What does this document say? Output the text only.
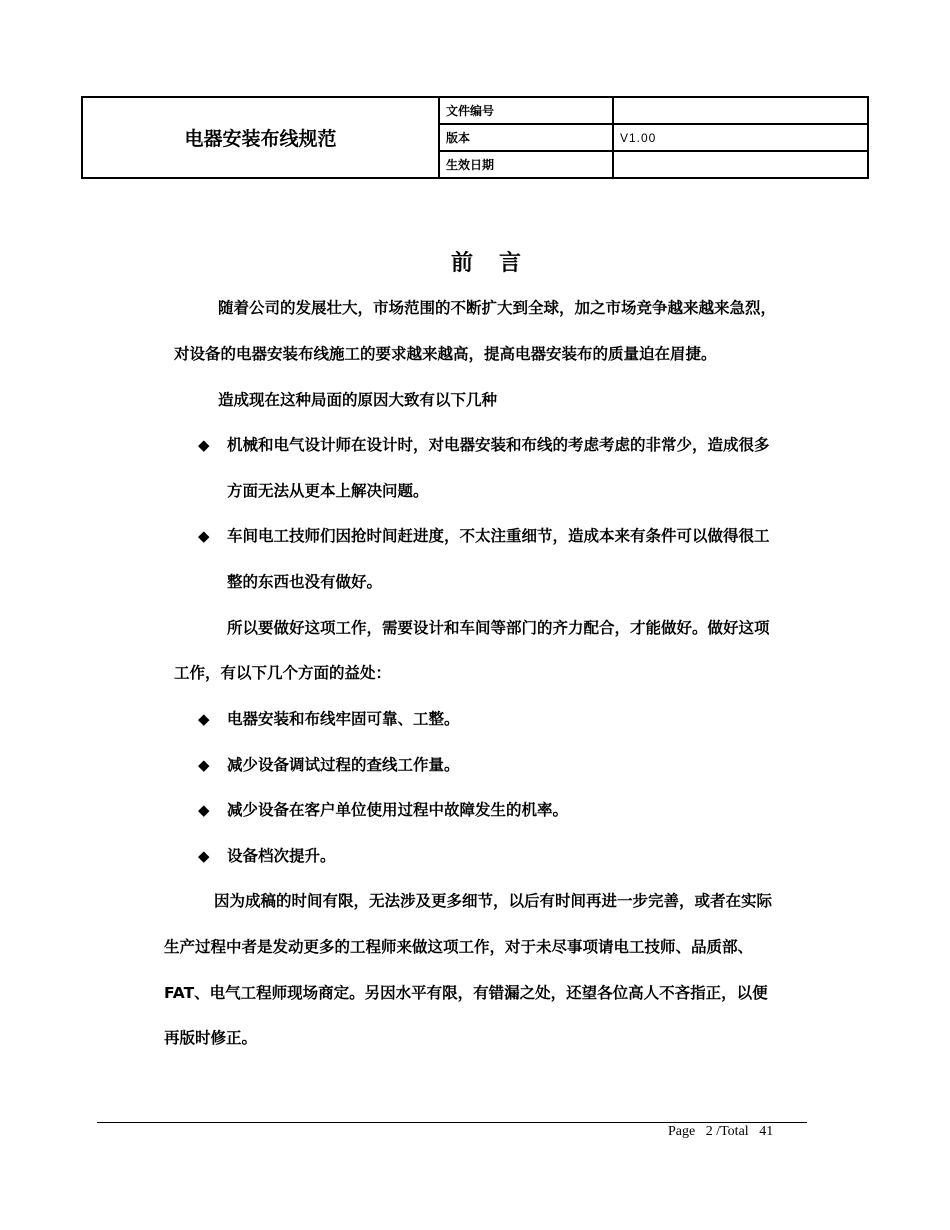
电器安装布线规范	文件编号	
	版本	V1.00
	生效日期	
前言
随着公司的发展壮大，市场范围的不断扩大到全球，加之市场竞争越来越来急烈，
对设备的电器安装布线施工的要求越来越高，提高电器安装布的质量迫在眉捷。
造成现在这种局面的原因大致有以下几种
◆ 机械和电气设计师在设计时，对电器安装和布线的考虑考虑的非常少，造成很多
方面无法从更本上解决问题。
◆ 车间电工技师们因抢时间赶进度，不太注重细节，造成本来有条件可以做得很工
整的东西也没有做好。
所以要做好这项工作，需要设计和车间等部门的齐力配合，才能做好。做好这项
工作，有以下几个方面的益处：
◆ 电器安装和布线牢固可靠、工整。
◆ 减少设备调试过程的查线工作量。
◆ 减少设备在客户单位使用过程中故障发生的机率。
◆ 设备档次提升。
因为成稿的时间有限，无法涉及更多细节，以后有时间再进一步完善，或者在实际
生产过程中者是发动更多的工程师来做这项工作，对于未尽事项请电工技师、品质部、
FAT、电气工程师现场商定。另因水平有限，有错漏之处，还望各位高人不吝指正，以便
再版时修正。
Page 2 /Total 41
